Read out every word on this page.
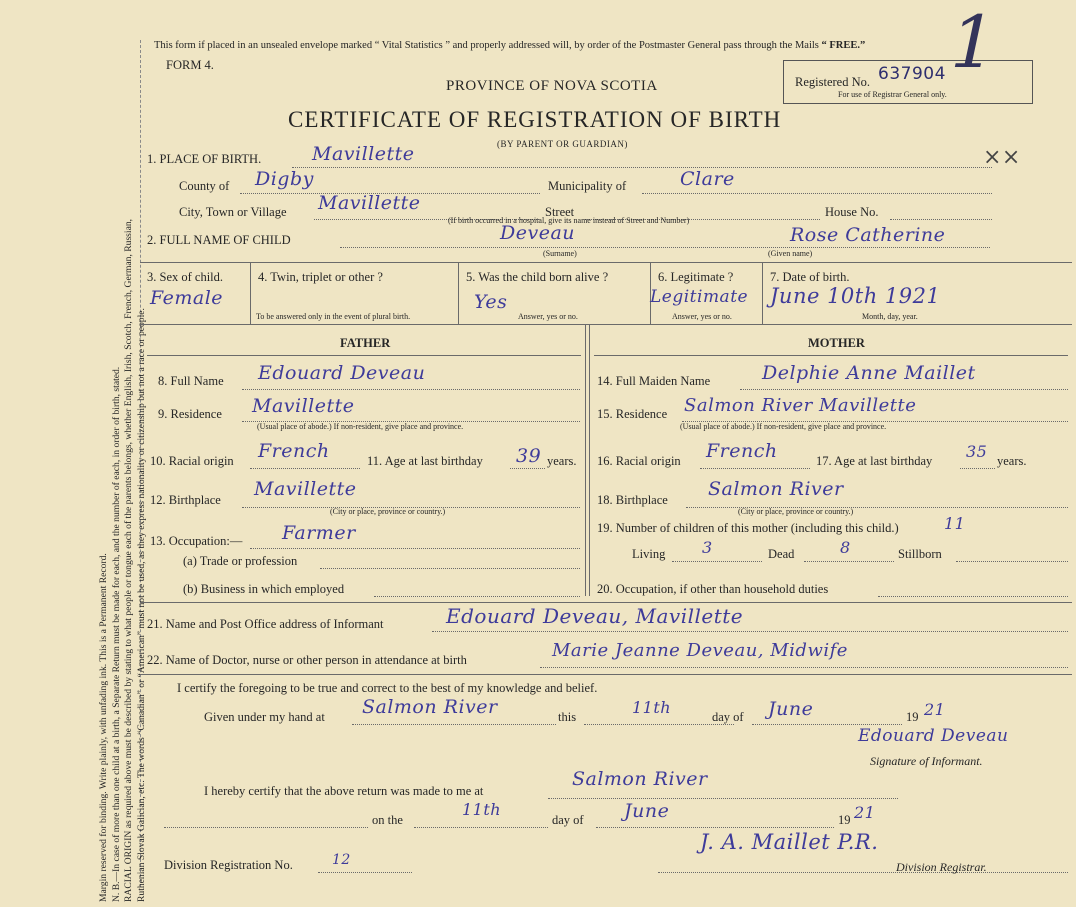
Margin reserved for binding. Write plainly, with unfading ink. This is a Permanent Record. N. B.—In case of more than one child at a birth, a Separate Return must be made for each, and the number of each, in order of birth, stated. RACIAL ORIGIN as required above must be described by stating to what people or tongue each of the parents belongs, whether English, Irish, Scotch, French, German, Russian, Ruthenian Slovak Galician, etc. The words “Canadian” or “American” must not be used, as they express nationality or citizenship but not a race or people.
This form if placed in an unsealed envelope marked “ Vital Statistics ” and properly addressed will, by order of the Postmaster General pass through the Mails “ FREE.”
FORM 4.
PROVINCE OF NOVA SCOTIA
CERTIFICATE OF REGISTRATION OF BIRTH
(BY PARENT OR GUARDIAN)
Registered No. 637904
For use of Registrar General only.
1
××
1. PLACE OF BIRTH.	Mavillette
County of Digby	Municipality of	Clare
City, Town or Village Mavillette	Street	House No.
(If birth occurred in a hospital, give its name instead of Street and Number)
2. FULL NAME OF CHILD	Deveau
(Surname)
Rose Catherine
(Given name)
3. Sex of child.
Female
4. Twin, triplet or other ?
To be answered only in the event of plural birth.
5. Was the child born alive ?
Yes
Answer, yes or no.
6. Legitimate ?
Legitimate
Answer, yes or no.
7. Date of birth.
June 10th 1921
Month, day, year.
FATHER	MOTHER
8. Full Name Edouard Deveau
9. Residence Mavillette
(Usual place of abode.) If non-resident, give place and province.
10. Racial origin French	11. Age at last birthday 39 years.
12. Birthplace Mavillette
(City or place, province or country.)
13. Occupation:— Farmer
(a) Trade or profession
(b) Business in which employed
14. Full Maiden Name	Delphie Anne Maillet
15. Residence Salmon River Mavillette
(Usual place of abode.) If non-resident, give place and province.
16. Racial origin French	17. Age at last birthday 35 years.
18. Birthplace Salmon River
(City or place, province or country.)
19. Number of children of this mother (including this child.)	11
Living 3	Dead	8	Stillborn
20. Occupation, if other than household duties
21. Name and Post Office address of Informant	Edouard Deveau, Mavillette
22. Name of Doctor, nurse or other person in attendance at birth	Marie Jeanne Deveau, Midwife
I certify the foregoing to be true and correct to the best of my knowledge and belief.
Given under my hand at Salmon River	this	11th	day of June	19 21
Edouard Deveau
Signature of Informant.
I hereby certify that the above return was made to me at
Salmon River
on the
11th
day of June	19 21
Division Registration No.	12
J. A. Maillet P.R.
Division Registrar.
